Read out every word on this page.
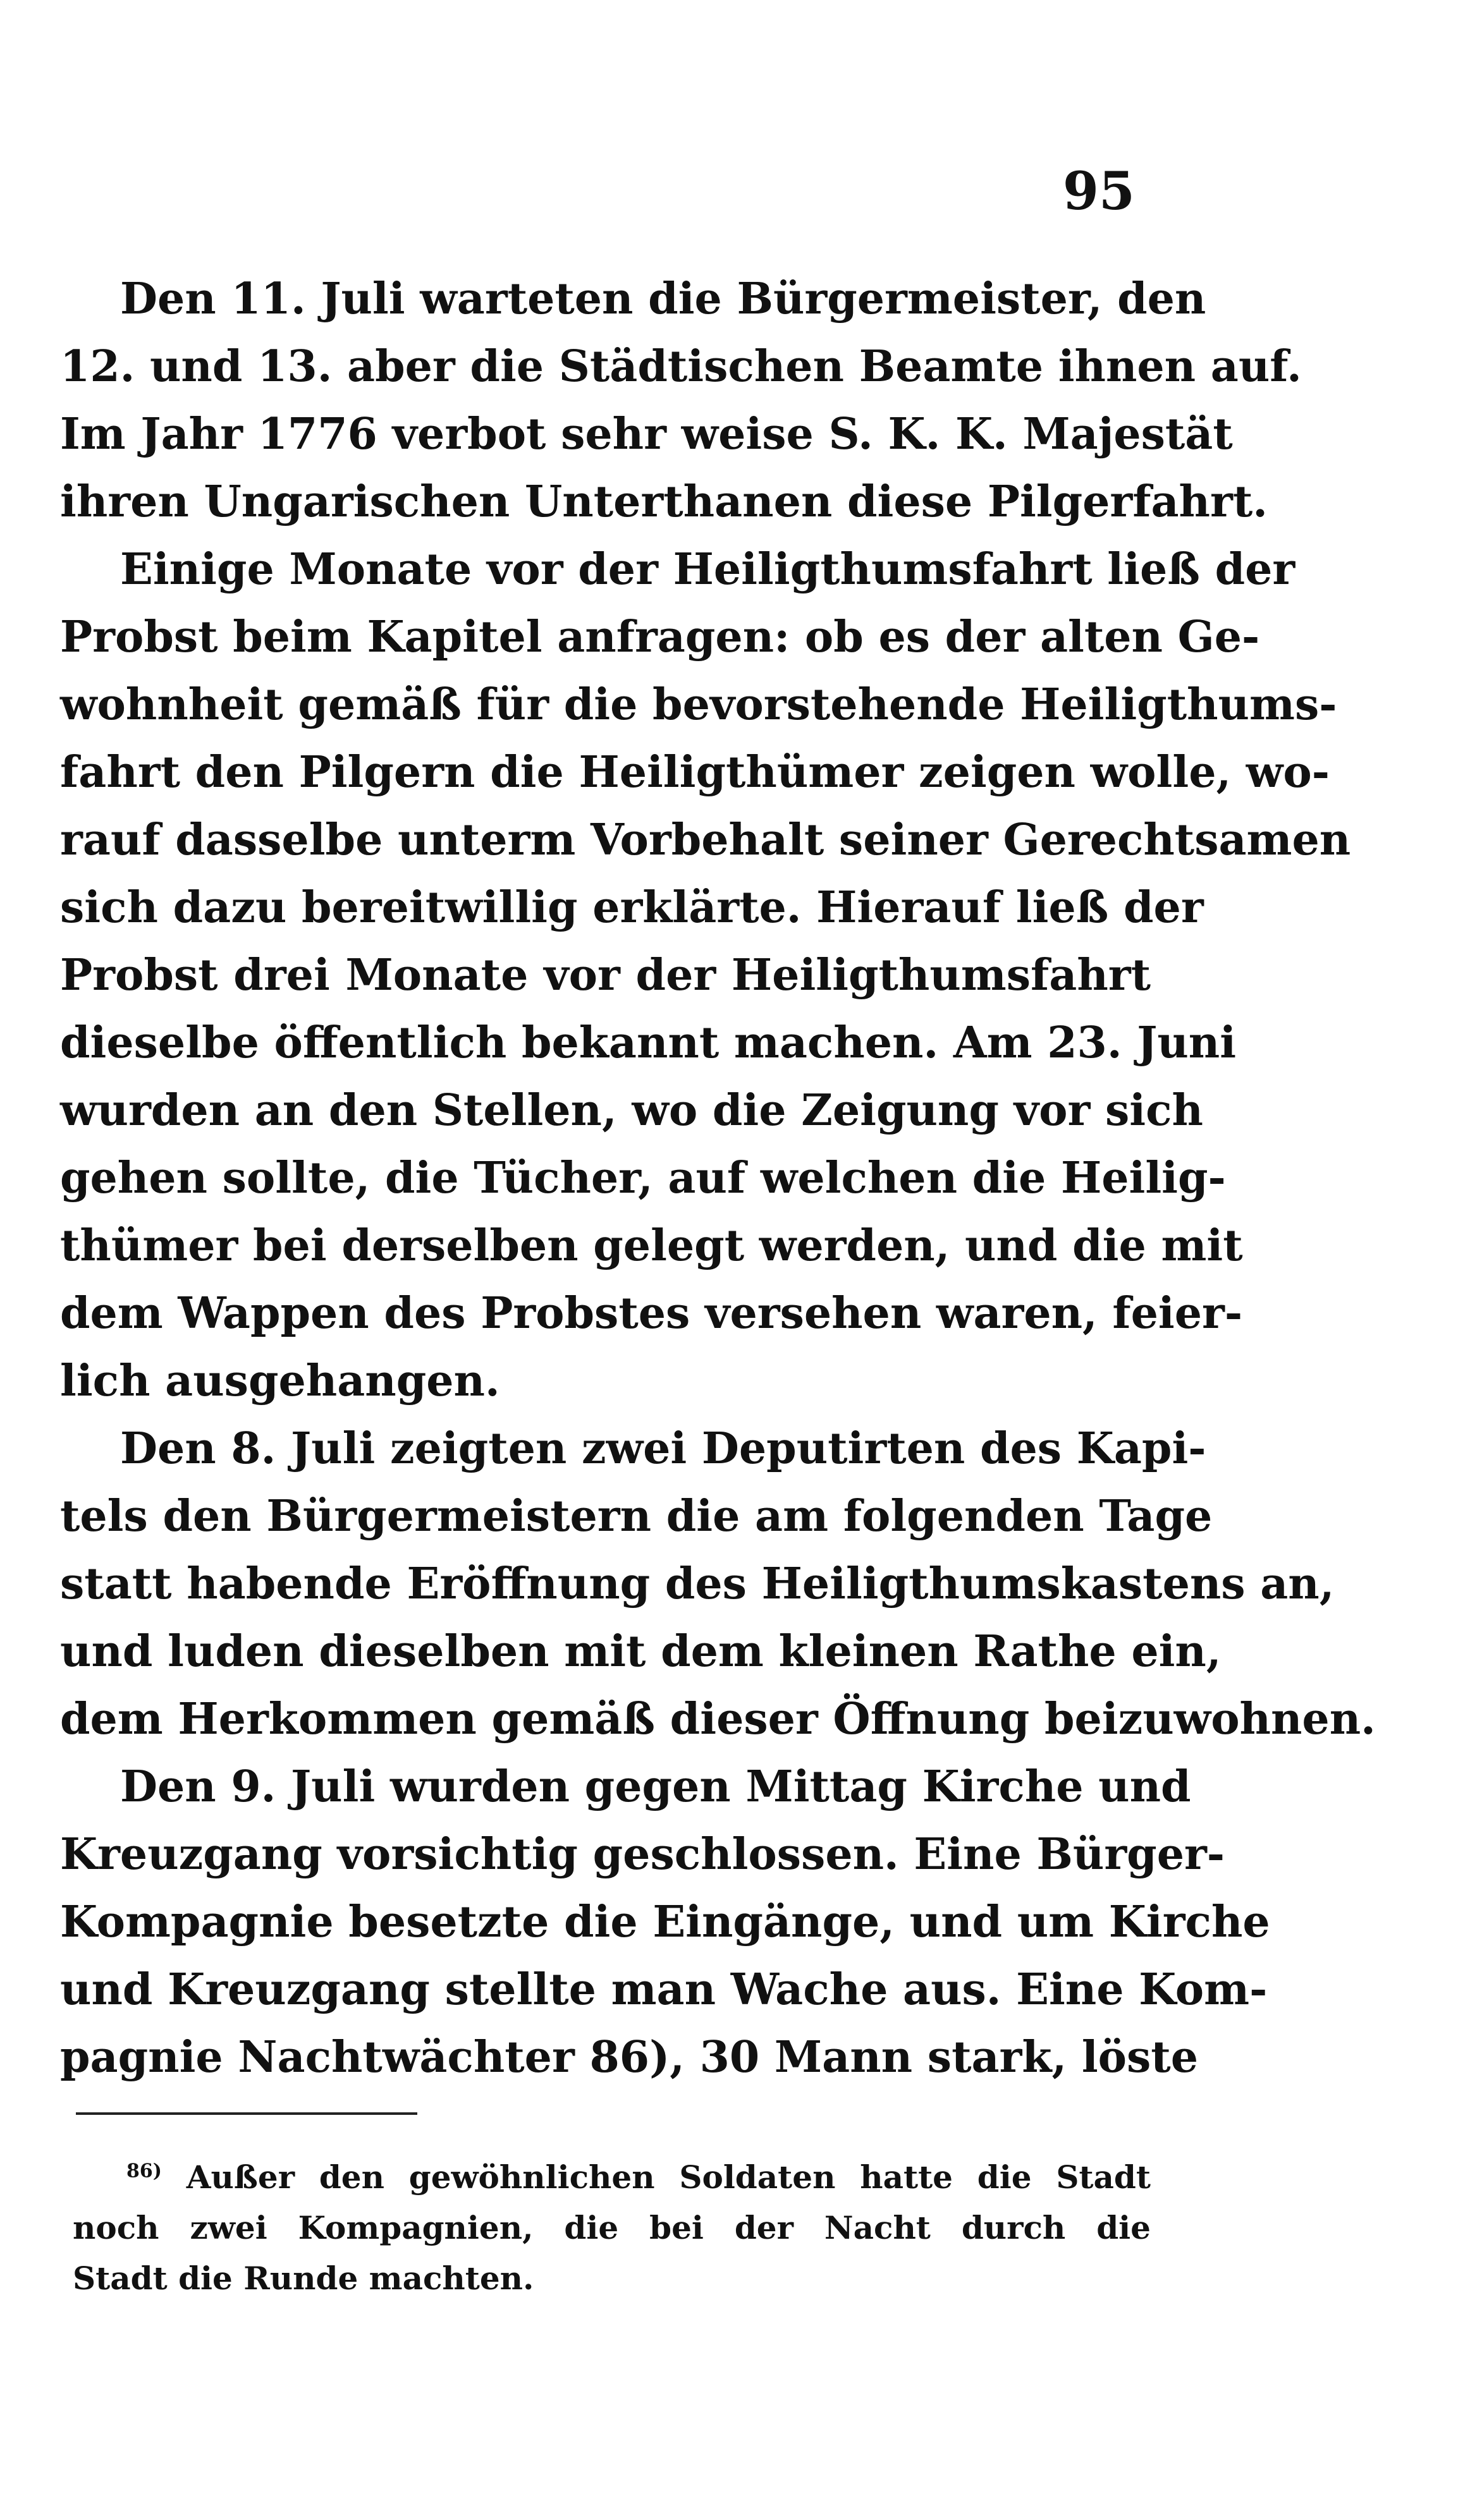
95
Den 11. Juli warteten die Bürgermeister, den
12. und 13. aber die Städtischen Beamte ihnen auf.
Im Jahr 1776 verbot sehr weise S. K. K. Majestät
ihren Ungarischen Unterthanen diese Pilgerfahrt.
Einige Monate vor der Heiligthumsfahrt ließ der
Probst beim Kapitel anfragen: ob es der alten Ge-
wohnheit gemäß für die bevorstehende Heiligthums-
fahrt den Pilgern die Heiligthümer zeigen wolle, wo-
rauf dasselbe unterm Vorbehalt seiner Gerechtsamen
sich dazu bereitwillig erklärte. Hierauf ließ der
Probst drei Monate vor der Heiligthumsfahrt
dieselbe öffentlich bekannt machen. Am 23. Juni
wurden an den Stellen, wo die Zeigung vor sich
gehen sollte, die Tücher, auf welchen die Heilig-
thümer bei derselben gelegt werden, und die mit
dem Wappen des Probstes versehen waren, feier-
lich ausgehangen.
Den 8. Juli zeigten zwei Deputirten des Kapi-
tels den Bürgermeistern die am folgenden Tage
statt habende Eröffnung des Heiligthumskastens an,
und luden dieselben mit dem kleinen Rathe ein,
dem Herkommen gemäß dieser Öffnung beizuwohnen.
Den 9. Juli wurden gegen Mittag Kirche und
Kreuzgang vorsichtig geschlossen. Eine Bürger-
Kompagnie besetzte die Eingänge, und um Kirche
und Kreuzgang stellte man Wache aus. Eine Kom-
pagnie Nachtwächter 86), 30 Mann stark, löste
$^{86)}$ Außer den gewöhnlichen Soldaten hatte die Stadt
noch zwei Kompagnien, die bei der Nacht durch die
Stadt die Runde machten.
